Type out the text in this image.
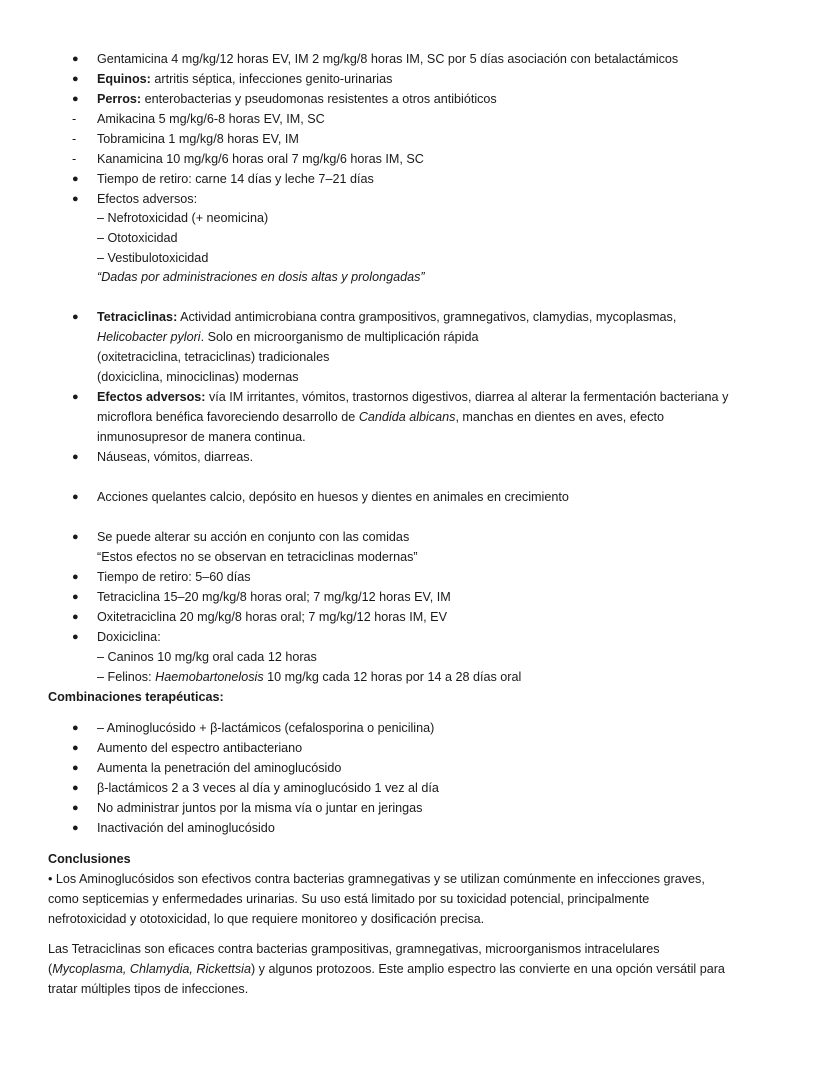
● Gentamicina 4 mg/kg/12 horas EV, IM 2 mg/kg/8 horas IM, SC por 5 días asociación con betalactámicos
● Equinos: artritis séptica, infecciones genito-urinarias
● Perros: enterobacterias y pseudomonas resistentes a otros antibióticos
- Amikacina 5 mg/kg/6-8 horas EV, IM, SC
- Tobramicina 1 mg/kg/8 horas EV, IM
- Kanamicina 10 mg/kg/6 horas oral 7 mg/kg/6 horas IM, SC
● Tiempo de retiro: carne 14 días y leche 7–21 días
● Efectos adversos:
– Nefrotoxicidad (+ neomicina)
– Ototoxicidad
– Vestibulotoxicidad
“Dadas por administraciones en dosis altas y prolongadas”
● Tetraciclinas: Actividad antimicrobiana contra grampositivos, gramnegativos, clamydias, mycoplasmas,
Helicobacter pylori. Solo en microorganismo de multiplicación rápida
(oxitetraciclina, tetraciclinas) tradicionales
(doxiciclina, minociclinas) modernas
● Efectos adversos: vía IM irritantes, vómitos, trastornos digestivos, diarrea al alterar la fermentación bacteriana y
microflora benéfica favoreciendo desarrollo de Candida albicans, manchas en dientes en aves, efecto
inmunosupresor de manera continua.
● Náuseas, vómitos, diarreas.
● Acciones quelantes calcio, depósito en huesos y dientes en animales en crecimiento
● Se puede alterar su acción en conjunto con las comidas
“Estos efectos no se observan en tetraciclinas modernas”
● Tiempo de retiro: 5–60 días
● Tetraciclina 15–20 mg/kg/8 horas oral; 7 mg/kg/12 horas EV, IM
● Oxitetraciclina 20 mg/kg/8 horas oral; 7 mg/kg/12 horas IM, EV
● Doxiciclina:
– Caninos 10 mg/kg oral cada 12 horas
– Felinos: Haemobartonelosis 10 mg/kg cada 12 horas por 14 a 28 días oral
Combinaciones terapéuticas:
● – Aminoglucósido + β-lactámicos (cefalosporina o penicilina)
● Aumento del espectro antibacteriano
● Aumenta la penetración del aminoglucósido
● β-lactámicos 2 a 3 veces al día y aminoglucósido 1 vez al día
● No administrar juntos por la misma vía o juntar en jeringas
● Inactivación del aminoglucósido
Conclusiones
• Los Aminoglucósidos son efectivos contra bacterias gramnegativas y se utilizan comúnmente en infecciones graves,
como septicemias y enfermedades urinarias. Su uso está limitado por su toxicidad potencial, principalmente
nefrotoxicidad y ototoxicidad, lo que requiere monitoreo y dosificación precisa.
Las Tetraciclinas son eficaces contra bacterias grampositivas, gramnegativas, microorganismos intracelulares
(Mycoplasma, Chlamydia, Rickettsia) y algunos protozoos. Este amplio espectro las convierte en una opción versátil para
tratar múltiples tipos de infecciones.
